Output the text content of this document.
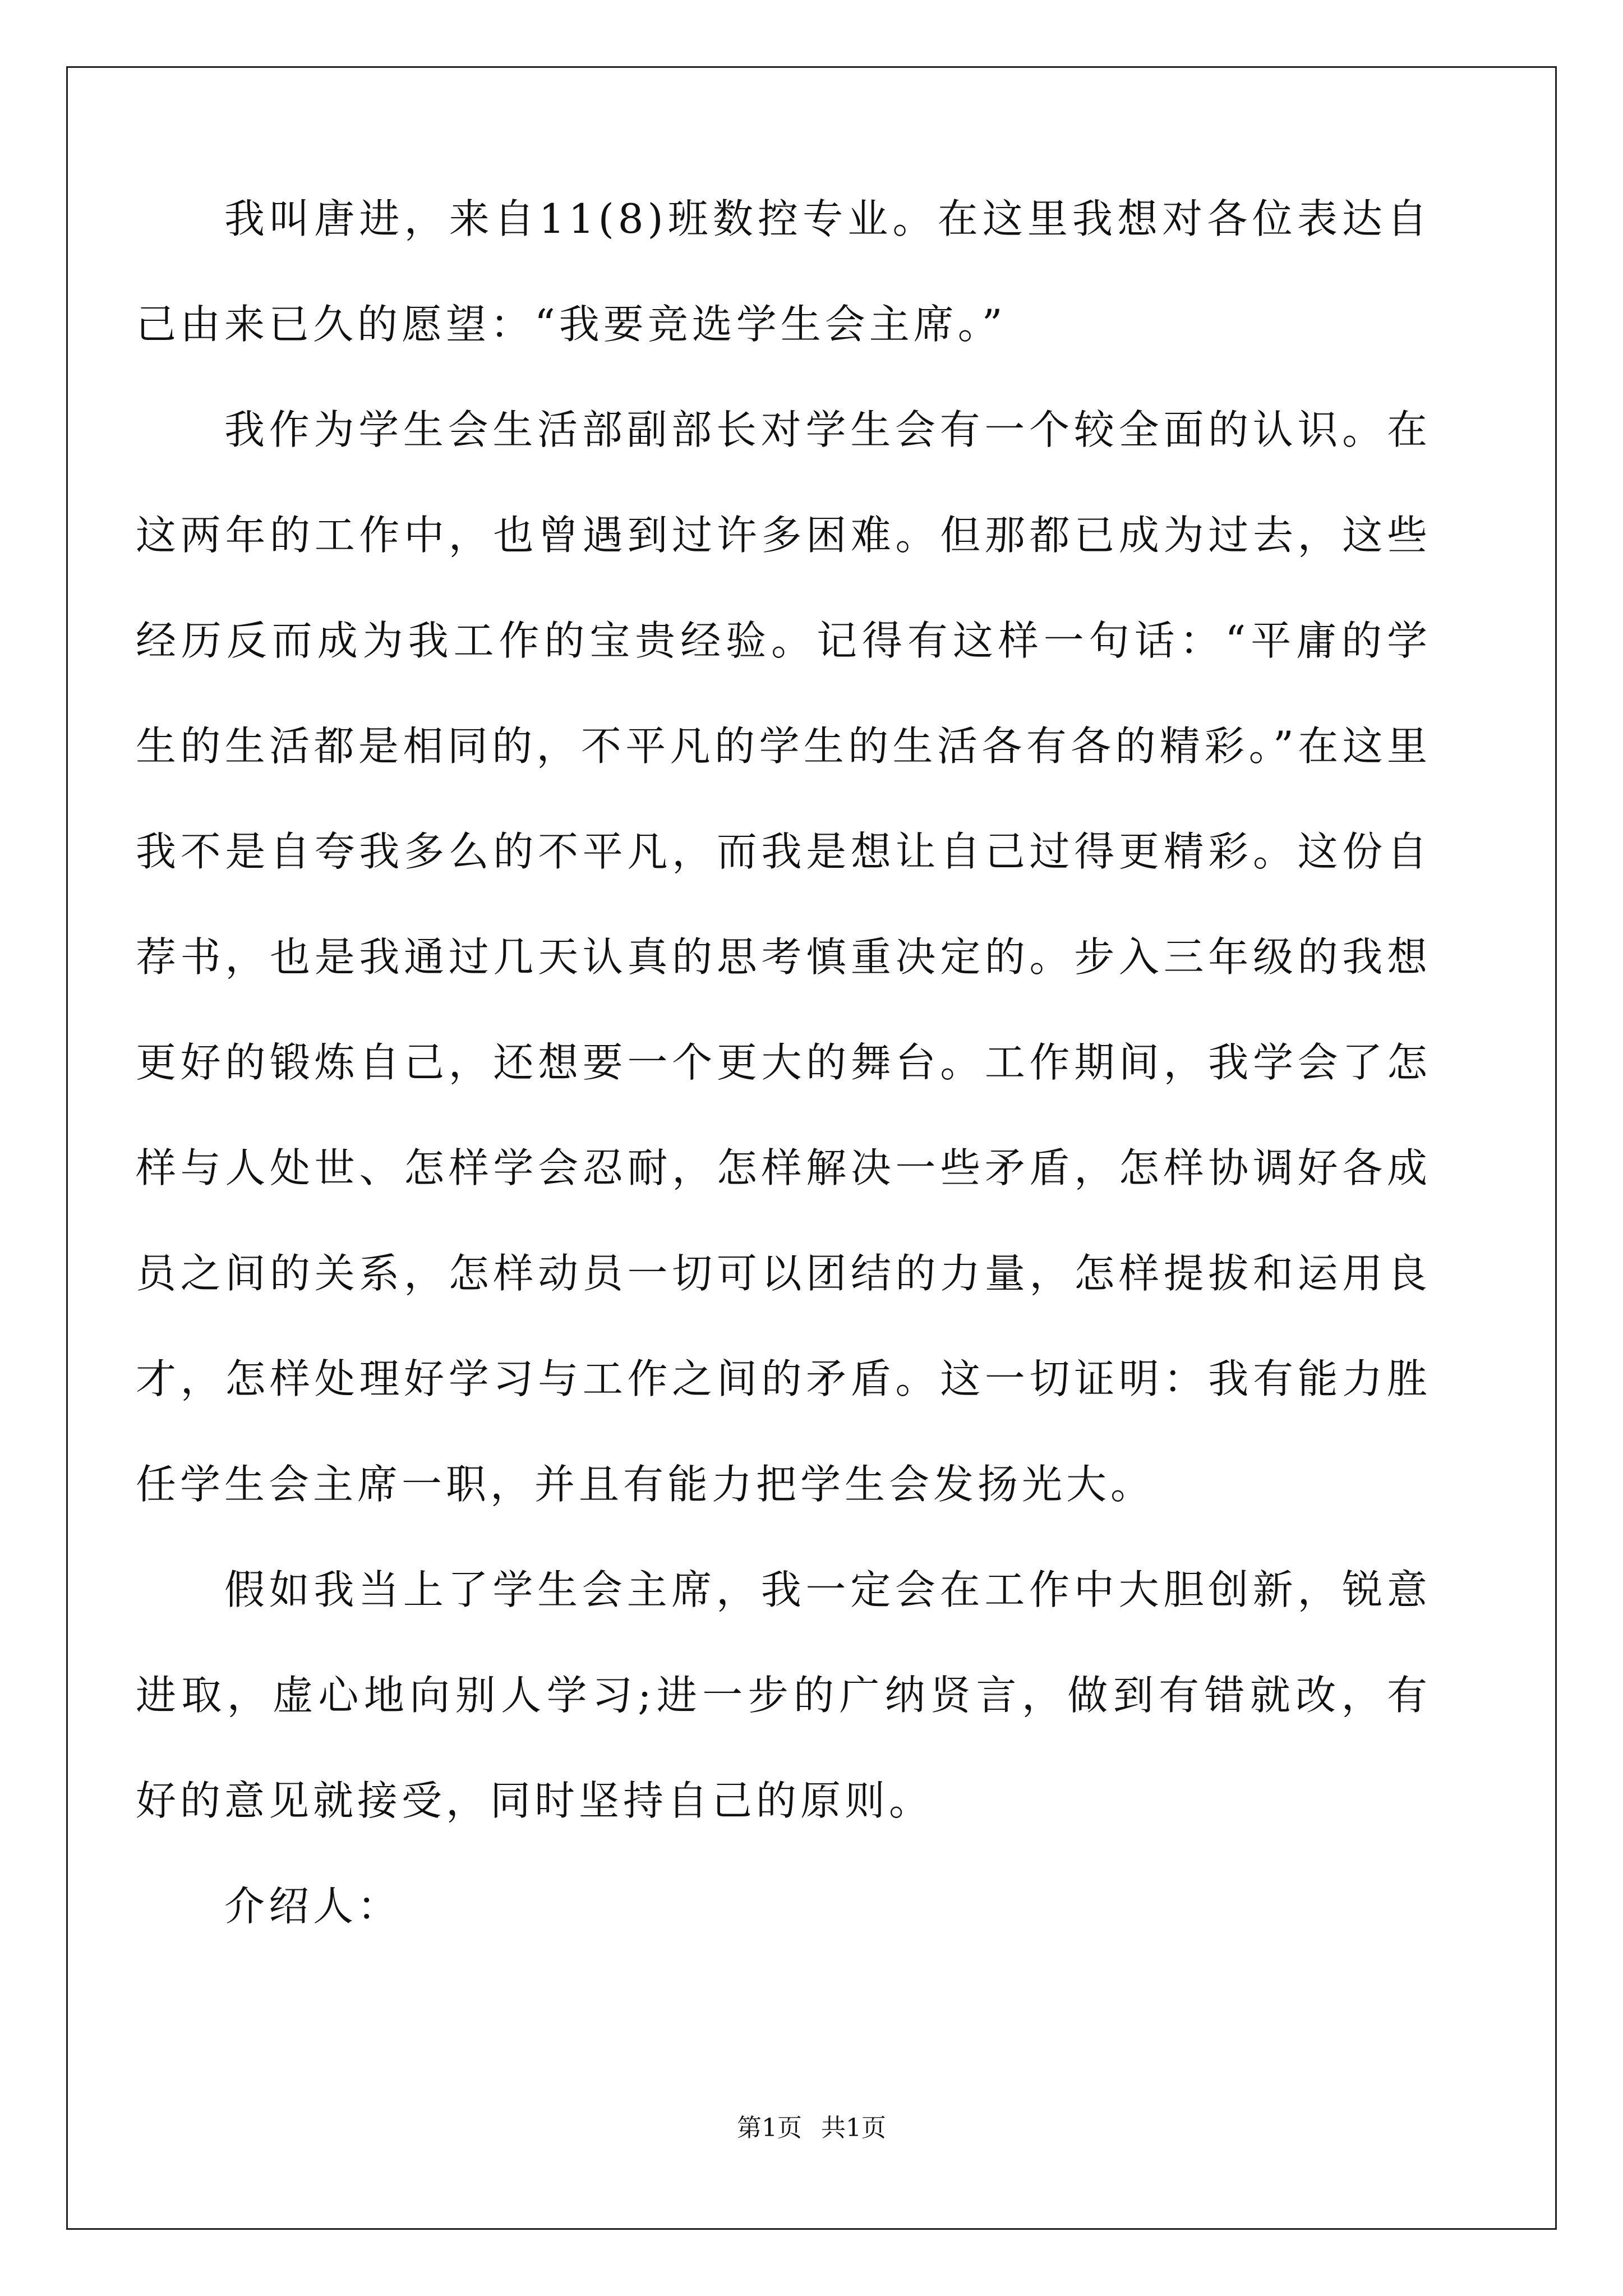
我叫唐进，来自11(8)班数控专业。在这里我想对各位表达自己由来已久的愿望：“我要竞选学生会主席。”

我作为学生会生活部副部长对学生会有一个较全面的认识。在这两年的工作中，也曾遇到过许多困难。但那都已成为过去，这些经历反而成为我工作的宝贵经验。记得有这样一句话：“平庸的学生的生活都是相同的，不平凡的学生的生活各有各的精彩。”在这里我不是自夸我多么的不平凡，而我是想让自己过得更精彩。这份自荐书，也是我通过几天认真的思考慎重决定的。步入三年级的我想更好的锻炼自己，还想要一个更大的舞台。工作期间，我学会了怎样与人处世、怎样学会忍耐，怎样解决一些矛盾，怎样协调好各成员之间的关系，怎样动员一切可以团结的力量，怎样提拔和运用良才，怎样处理好学习与工作之间的矛盾。这一切证明：我有能力胜任学生会主席一职，并且有能力把学生会发扬光大。

假如我当上了学生会主席，我一定会在工作中大胆创新，锐意进取，虚心地向别人学习;进一步的广纳贤言，做到有错就改，有好的意见就接受，同时坚持自己的原则。

介绍人：

第1页 共1页
